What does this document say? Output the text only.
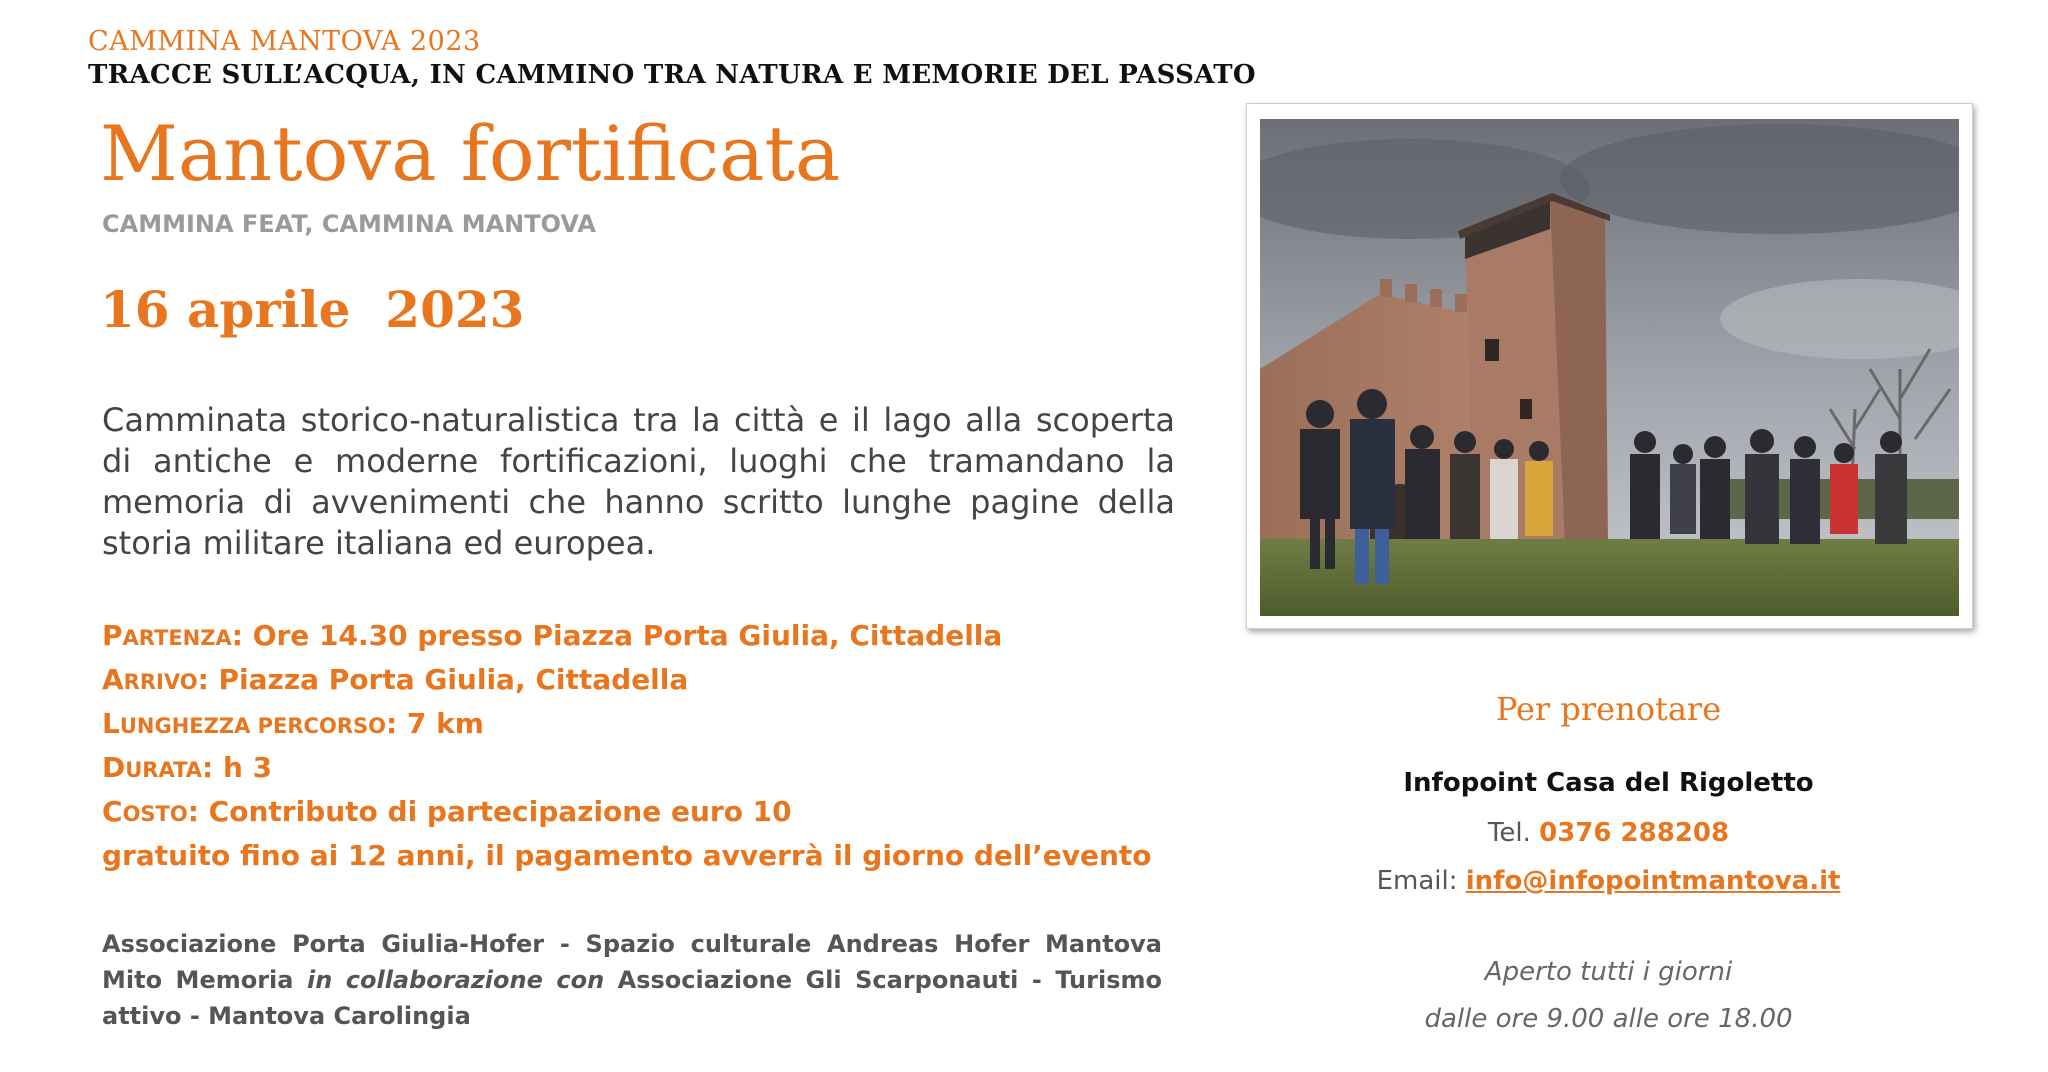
CAMMINA MANTOVA 2023
TRACCE SULL’ACQUA, IN CAMMINO TRA NATURA E MEMORIE DEL PASSATO
Mantova fortificata
CAMMINA FEAT, CAMMINA MANTOVA
16 aprile  2023
Camminata storico-naturalistica tra la città e il lago alla scoperta di antiche e moderne fortificazioni, luoghi che tramandano la memoria di avvenimenti che hanno scritto lunghe pagine della storia militare italiana ed europea.
PARTENZA: Ore 14.30 presso Piazza Porta Giulia, Cittadella
ARRIVO: Piazza Porta Giulia, Cittadella
LUNGHEZZA PERCORSO: 7 km
DURATA: h 3
COSTO: Contributo di partecipazione euro 10
gratuito fino ai 12 anni, il pagamento avverrà il giorno dell’evento
Associazione Porta Giulia-Hofer - Spazio culturale Andreas Hofer Mantova Mito Memoria in collaborazione con Associazione Gli Scarponauti - Turismo attivo - Mantova Carolingia
Per prenotare
Infopoint Casa del Rigoletto
Tel. 0376 288208
Email: info@infopointmantova.it
Aperto tutti i giorni
dalle ore 9.00 alle ore 18.00
